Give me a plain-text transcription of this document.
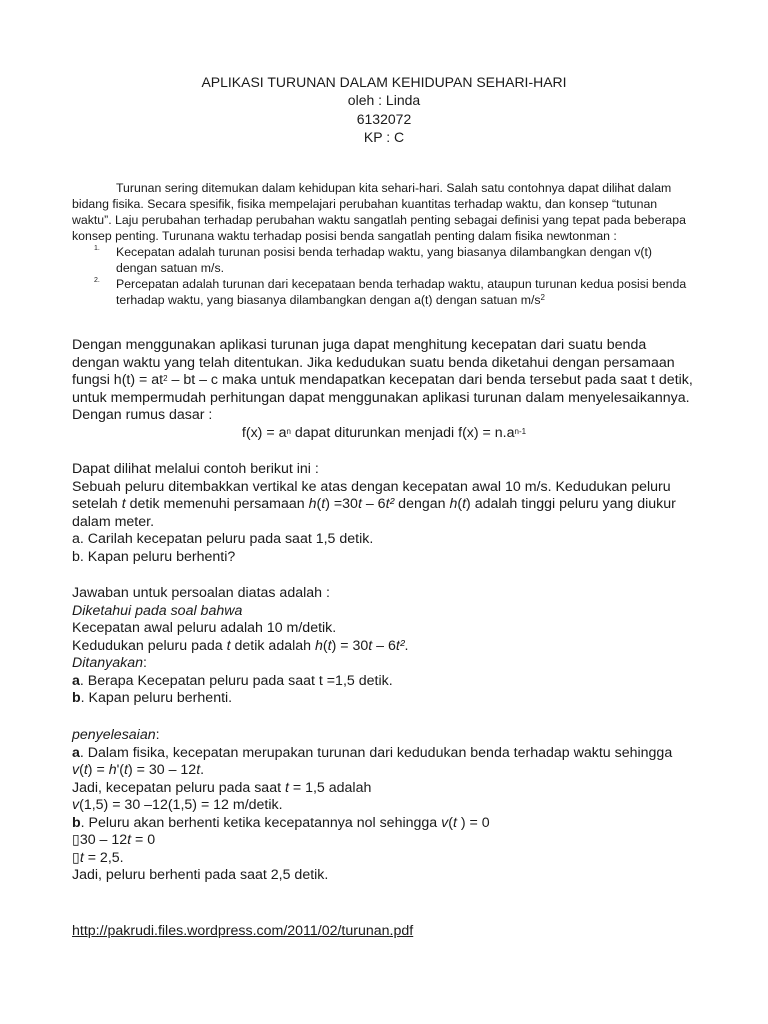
APLIKASI TURUNAN DALAM KEHIDUPAN SEHARI-HARI
oleh : Linda
6132072
KP : C

Turunan sering ditemukan dalam kehidupan kita sehari-hari. Salah satu contohnya dapat dilihat dalam bidang fisika. Secara spesifik, fisika mempelajari perubahan kuantitas terhadap waktu, dan konsep “tutunan waktu”. Laju perubahan terhadap perubahan waktu sangatlah penting sebagai definisi yang tepat pada beberapa konsep penting. Turunana waktu terhadap posisi benda sangatlah penting dalam fisika newtonman :

1. Kecepatan adalah turunan posisi benda terhadap waktu, yang biasanya dilambangkan dengan v(t) dengan satuan m/s.
2. Percepatan adalah turunan dari kecepataan benda terhadap waktu, ataupun turunan kedua posisi benda terhadap waktu, yang biasanya dilambangkan dengan a(t) dengan satuan $m/s^2$

Dengan menggunakan aplikasi turunan juga dapat menghitung kecepatan dari suatu benda dengan waktu yang telah ditentukan. Jika kedudukan suatu benda diketahui dengan persamaan fungsi $h(t) = at^2$ – bt – c maka untuk mendapatkan kecepatan dari benda tersebut pada saat t detik, untuk mempermudah perhitungan dapat menggunakan aplikasi turunan dalam menyelesaikannya. Dengan rumus dasar :

$f(x) = a^n$ dapat diturunkan menjadi $f(x) = n.a^{n-1}$

Dapat dilihat melalui contoh berikut ini :

Sebuah peluru ditembakkan vertikal ke atas dengan kecepatan awal 10 m/s. Kedudukan peluru setelah t detik memenuhi persamaan h(t) =30t – 6t² dengan h(t) adalah tinggi peluru yang diukur dalam meter.

a. Carilah kecepatan peluru pada saat 1,5 detik.

b. Kapan peluru berhenti?

Jawaban untuk persoalan diatas adalah :

Diketahui pada soal bahwa

Kecepatan awal peluru adalah 10 m/detik.

Kedudukan peluru pada t detik adalah h(t) = 30t – 6t².

Ditanyakan:

a. Berapa Kecepatan peluru pada saat t =1,5 detik.

b. Kapan peluru berhenti.

penyelesaian:

a. Dalam fisika, kecepatan merupakan turunan dari kedudukan benda terhadap waktu sehingga

v(t) = h'(t) = 30 – 12t.

Jadi, kecepatan peluru pada saat t = 1,5 adalah

v(1,5) = 30 –12(1,5) = 12 m/detik.

b. Peluru akan berhenti ketika kecepatannya nol sehingga v(t ) = 0

▯30 – 12t = 0

▯t = 2,5.

Jadi, peluru berhenti pada saat 2,5 detik.

http://pakrudi.files.wordpress.com/2011/02/turunan.pdf
